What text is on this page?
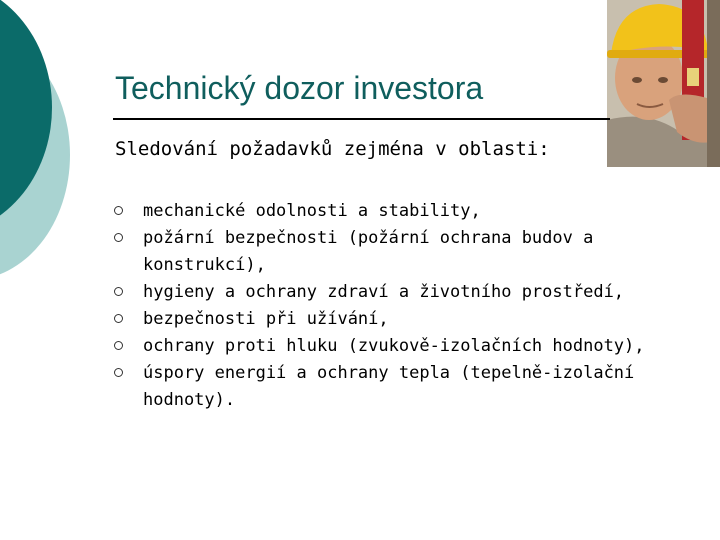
Technický dozor investora

Sledování požadavků zejména v oblasti:

mechanické odolnosti a stability,
požární bezpečnosti (požární ochrana budov a konstrukcí),
hygieny a ochrany zdraví a životního prostředí,
bezpečnosti při užívání,
ochrany proti hluku (zvukově-izolačních hodnoty),
úspory energií a ochrany tepla (tepelně-izolační hodnoty).
